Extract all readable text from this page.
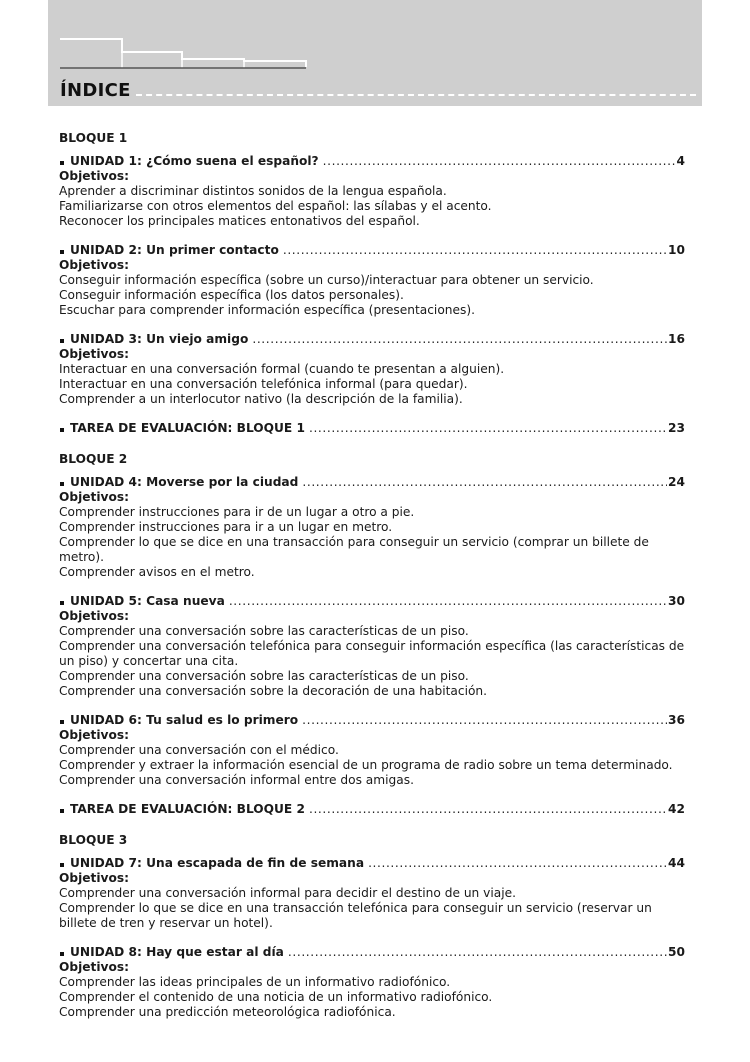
ÍNDICE
BLOQUE 1
UNIDAD 1: ¿Cómo suena el español? .....	4
Objetivos:
Aprender a discriminar distintos sonidos de la lengua española.
Familiarizarse con otros elementos del español: las sílabas y el acento.
Reconocer los principales matices entonativos del español.
UNIDAD 2: Un primer contacto .....	10
Objetivos:
Conseguir información específica (sobre un curso)/interactuar para obtener un servicio.
Conseguir información específica (los datos personales).
Escuchar para comprender información específica (presentaciones).
UNIDAD 3: Un viejo amigo .....	16
Objetivos:
Interactuar en una conversación formal (cuando te presentan a alguien).
Interactuar en una conversación telefónica informal (para quedar).
Comprender a un interlocutor nativo (la descripción de la familia).
TAREA DE EVALUACIÓN: BLOQUE 1 .....	23
BLOQUE 2
UNIDAD 4: Moverse por la ciudad .....	24
Objetivos:
Comprender instrucciones para ir de un lugar a otro a pie.
Comprender instrucciones para ir a un lugar en metro.
Comprender lo que se dice en una transacción para conseguir un servicio (comprar un billete de metro).
Comprender avisos en el metro.
UNIDAD 5: Casa nueva .....	30
Objetivos:
Comprender una conversación sobre las características de un piso.
Comprender una conversación telefónica para conseguir información específica (las características de un piso) y concertar una cita.
Comprender una conversación sobre las características de un piso.
Comprender una conversación sobre la decoración de una habitación.
UNIDAD 6: Tu salud es lo primero .....	36
Objetivos:
Comprender una conversación con el médico.
Comprender y extraer la información esencial de un programa de radio sobre un tema determinado.
Comprender una conversación informal entre dos amigas.
TAREA DE EVALUACIÓN: BLOQUE 2 .....	42
BLOQUE 3
UNIDAD 7: Una escapada de fin de semana .....	44
Objetivos:
Comprender una conversación informal para decidir el destino de un viaje.
Comprender lo que se dice en una transacción telefónica para conseguir un servicio (reservar un billete de tren y reservar un hotel).
UNIDAD 8: Hay que estar al día .....	50
Objetivos:
Comprender las ideas principales de un informativo radiofónico.
Comprender el contenido de una noticia de un informativo radiofónico.
Comprender una predicción meteorológica radiofónica.
